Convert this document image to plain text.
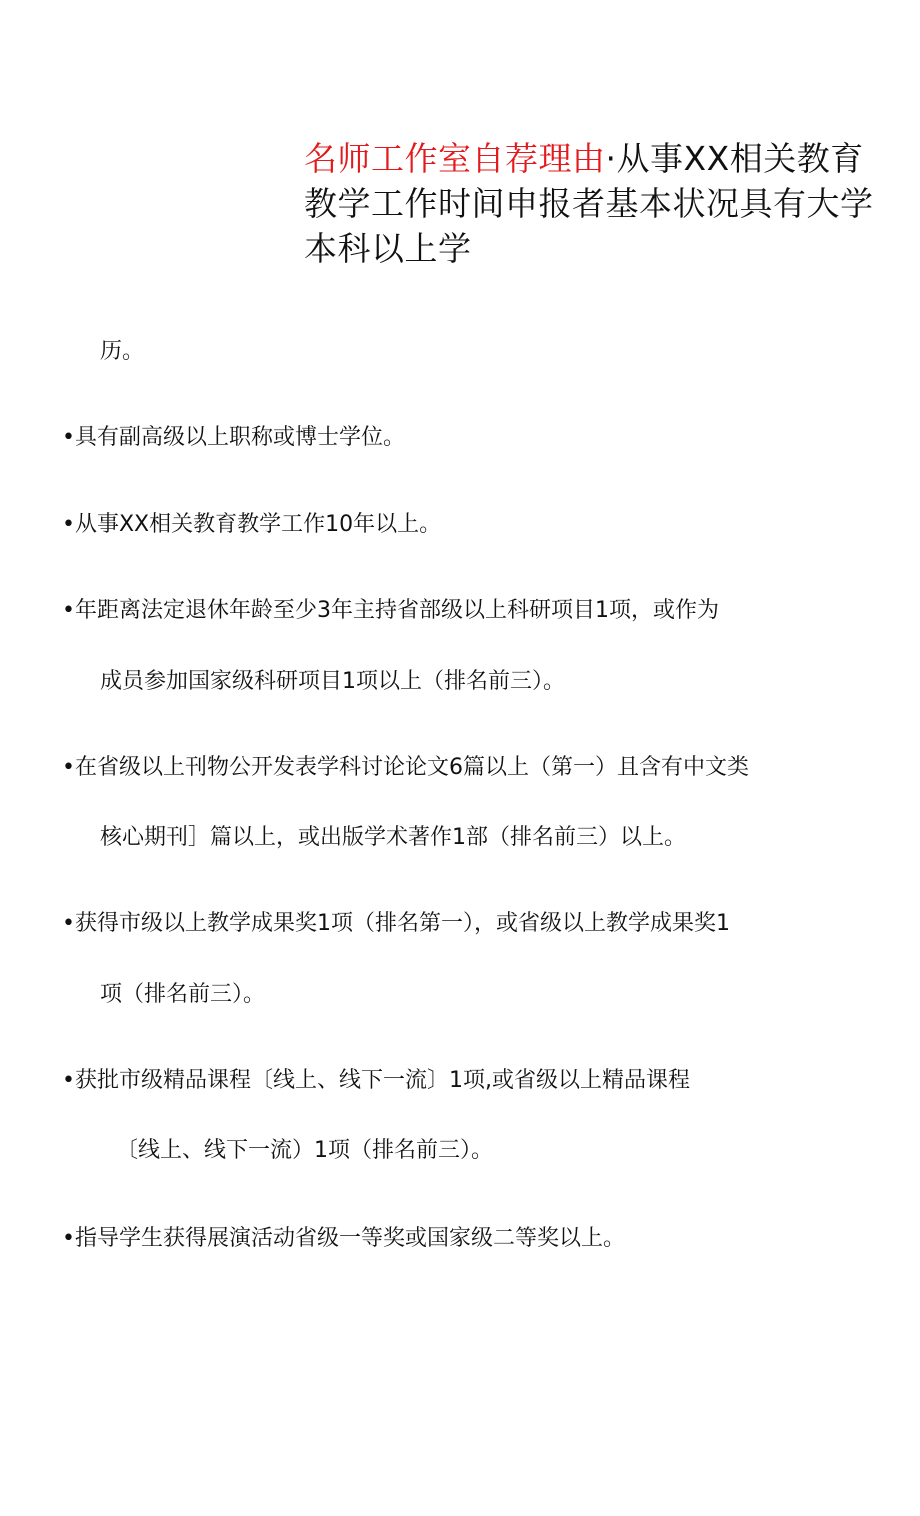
名师工作室自荐理由·从事XX相关教育教学工作时间申报者基本状况具有大学本科以上学
历。
•具有副高级以上职称或博士学位。
•从事XX相关教育教学工作10年以上。
•年距离法定退休年龄至少3年主持省部级以上科研项目1项，或作为
成员参加国家级科研项目1项以上（排名前三）。
•在省级以上刊物公开发表学科讨论论文6篇以上（第一）且含有中文类
核心期刊］篇以上，或出版学术著作1部（排名前三）以上。
•获得市级以上教学成果奖1项（排名第一），或省级以上教学成果奖1
项（排名前三）。
•获批市级精品课程〔线上、线下一流〕1项,或省级以上精品课程
〔线上、线下一流）1项（排名前三）。
•指导学生获得展演活动省级一等奖或国家级二等奖以上。
